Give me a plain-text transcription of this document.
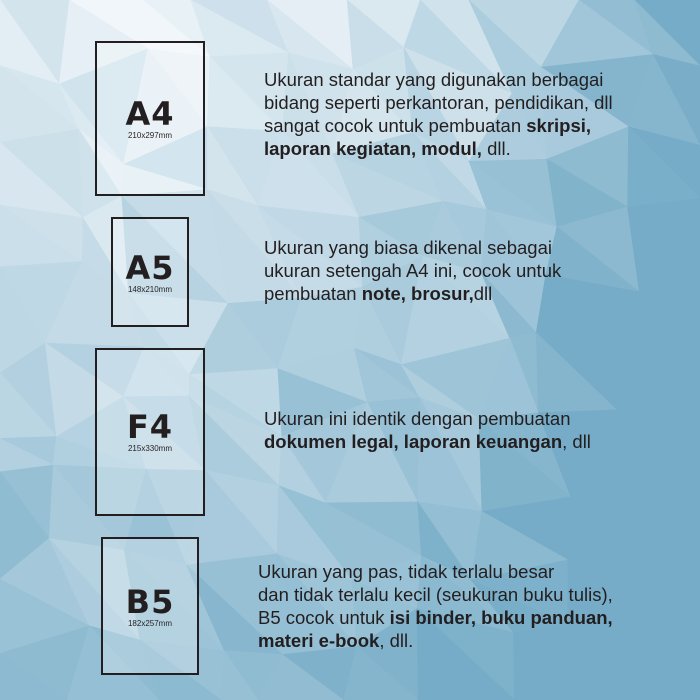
A4
210x297mm
Ukuran standar yang digunakan berbagai
bidang seperti perkantoran, pendidikan, dll
sangat cocok untuk pembuatan skripsi,
laporan kegiatan, modul, dll.
A5
148x210mm
Ukuran yang biasa dikenal sebagai
ukuran setengah A4 ini, cocok untuk
pembuatan note, brosur,dll
F4
215x330mm
Ukuran ini identik dengan pembuatan
dokumen legal, laporan keuangan, dll
B5
182x257mm
Ukuran yang pas, tidak terlalu besar
dan tidak terlalu kecil (seukuran buku tulis),
B5 cocok untuk isi binder, buku panduan,
materi e-book, dll.
